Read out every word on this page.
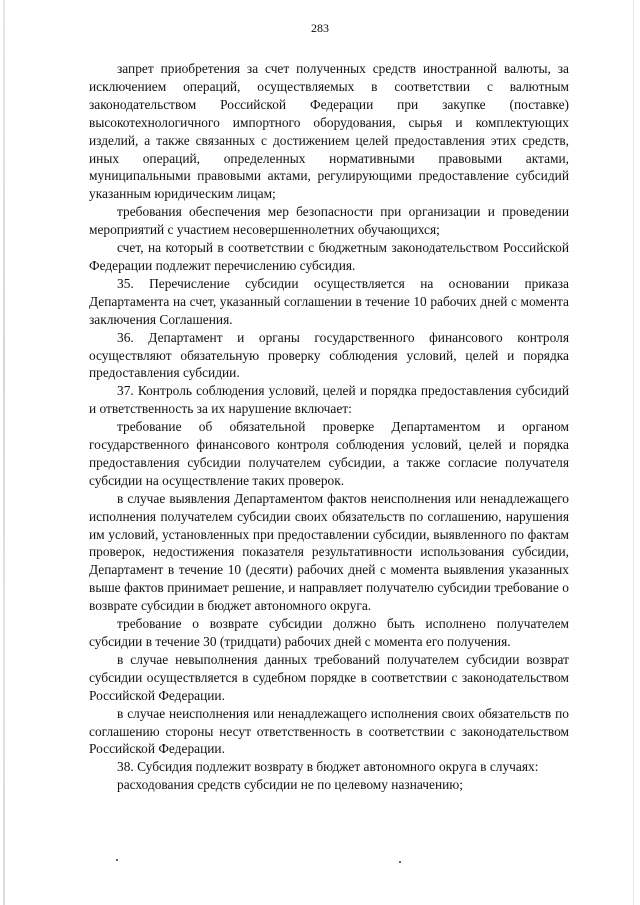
283

запрет приобретения за счет полученных средств иностранной валюты, за исключением операций, осуществляемых в соответствии с валютным законодательством Российской Федерации при закупке (поставке) высокотехнологичного импортного оборудования, сырья и комплектующих изделий, а также связанных с достижением целей предоставления этих средств, иных операций, определенных нормативными правовыми актами, муниципальными правовыми актами, регулирующими предоставление субсидий указанным юридическим лицам;

требования обеспечения мер безопасности при организации и проведении мероприятий с участием несовершеннолетних обучающихся;

счет, на который в соответствии с бюджетным законодательством Российской Федерации подлежит перечислению субсидия.

35. Перечисление субсидии осуществляется на основании приказа Департамента на счет, указанный соглашении в течение 10 рабочих дней с момента заключения Соглашения.

36. Департамент и органы государственного финансового контроля осуществляют обязательную проверку соблюдения условий, целей и порядка предоставления субсидии.

37. Контроль соблюдения условий, целей и порядка предоставления субсидий и ответственность за их нарушение включает:

требование об обязательной проверке Департаментом и органом государственного финансового контроля соблюдения условий, целей и порядка предоставления субсидии получателем субсидии, а также согласие получателя субсидии на осуществление таких проверок.

в случае выявления Департаментом фактов неисполнения или ненадлежащего исполнения получателем субсидии своих обязательств по соглашению, нарушения им условий, установленных при предоставлении субсидии, выявленного по фактам проверок, недостижения показателя результативности использования субсидии, Департамент в течение 10 (десяти) рабочих дней с момента выявления указанных выше фактов принимает решение, и направляет получателю субсидии требование о возврате субсидии в бюджет автономного округа.

требование о возврате субсидии должно быть исполнено получателем субсидии в течение 30 (тридцати) рабочих дней с момента его получения.

в случае невыполнения данных требований получателем субсидии возврат субсидии осуществляется в судебном порядке в соответствии с законодательством Российской Федерации.

в случае неисполнения или ненадлежащего исполнения своих обязательств по соглашению стороны несут ответственность в соответствии с законодательством Российской Федерации.

38. Субсидия подлежит возврату в бюджет автономного округа в случаях:

расходования средств субсидии не по целевому назначению;
